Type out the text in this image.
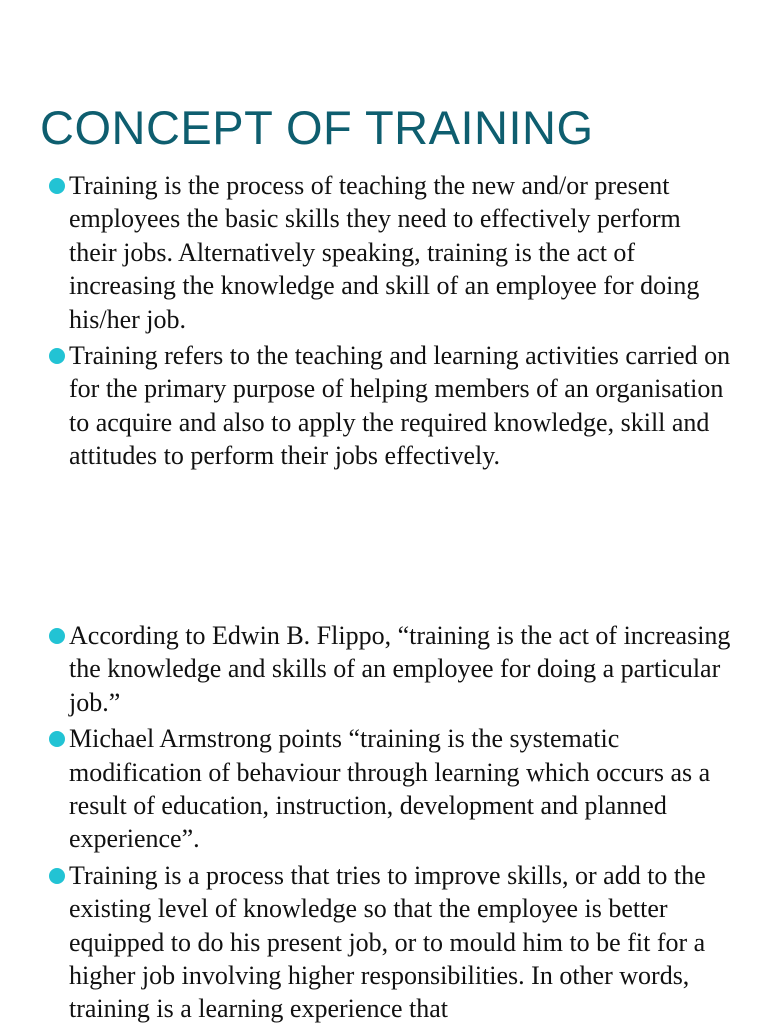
CONCEPT OF TRAINING
Training is the process of teaching the new and/or present employees the basic skills they need to effectively perform their jobs. Alternatively speaking, training is the act of increasing the knowledge and skill of an employee for doing his/her job.
Training refers to the teaching and learning activities carried on for the primary purpose of helping members of an organisation to acquire and also to apply the required knowledge, skill and attitudes to perform their jobs effectively.
According to Edwin B. Flippo, “training is the act of increasing the knowledge and skills of an employee for doing a particular job.”
Michael Armstrong points “training is the systematic modification of behaviour through learning which occurs as a result of education, instruction, development and planned experience”.
Training is a process that tries to improve skills, or add to the existing level of knowledge so that the employee is better equipped to do his present job, or to mould him to be fit for a higher job involving higher responsibilities. In other words, training is a learning experience that
